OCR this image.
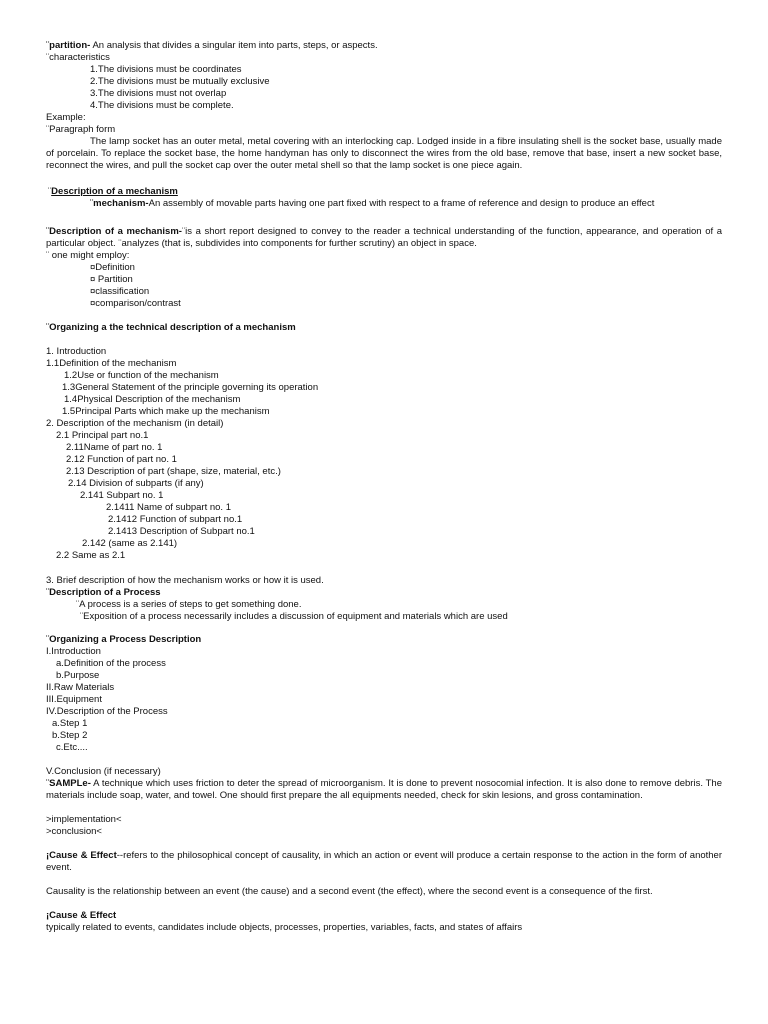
¨partition- An analysis that divides a singular item into parts, steps, or aspects.
¨characteristics
1.The divisions must be coordinates
2.The divisions must be mutually exclusive
3.The divisions must not overlap
4.The divisions must be complete.
Example:
¨Paragraph form
The lamp socket has an outer metal, metal covering with an interlocking cap. Lodged inside in a fibre insulating shell is the socket base, usually made of porcelain. To replace the socket base, the home handyman has only to disconnect the wires from the old base, remove that base, insert a new socket base, reconnect the wires, and pull the socket cap over the outer metal shell so that the lamp socket is one piece again.
¨Description of a mechanism
¨mechanism-An assembly of movable parts having one part fixed with respect to a frame of reference and design to produce an effect
¨Description of a mechanism-¨is a short report designed to convey to the reader a technical understanding of the function, appearance, and operation of a particular object. ¨analyzes (that is, subdivides into components for further scrutiny) an object in space.
¨ one might employ:
¤Definition
¤ Partition
¤classification
¤comparison/contrast
¨Organizing a the technical description of a mechanism
1. Introduction
1.1Definition of the mechanism
1.2Use or function of the mechanism
1.3General Statement of the principle governing its operation
1.4Physical Description of the mechanism
1.5Principal Parts which make up the mechanism
2. Description of the mechanism (in detail)
2.1 Principal part no.1
2.11Name of part no. 1
2.12 Function of part no. 1
2.13 Description of part (shape, size, material, etc.)
2.14 Division of subparts (if any)
2.141 Subpart no. 1
2.1411 Name of subpart no. 1
2.1412 Function of subpart no.1
2.1413 Description of Subpart no.1
2.142 (same as 2.141)
2.2 Same as 2.1
3. Brief description of how the mechanism works or how it is used.
¨Description of a Process
¨A process is a series of steps to get something done.
¨Exposition of a process necessarily includes a discussion of equipment and materials which are used
¨Organizing a Process Description
I.Introduction
a.Definition of the process
b.Purpose
II.Raw Materials
III.Equipment
IV.Description of the Process
a.Step 1
b.Step 2
c.Etc....
V.Conclusion (if necessary)
¨SAMPLe- A technique which uses friction to deter the spread of microorganism. It is done to prevent nosocomial infection. It is also done to remove debris. The materials include soap, water, and towel. One should first prepare the all equipments needed, check for skin lesions, and gross contamination.
>implementation<
>conclusion<
¡Cause & Effect--refers to the philosophical concept of causality, in which an action or event will produce a certain response to the action in the form of another event.
Causality is the relationship between an event (the cause) and a second event (the effect), where the second event is a consequence of the first.
¡Cause & Effect
typically related to events, candidates include objects, processes, properties, variables, facts, and states of affairs
